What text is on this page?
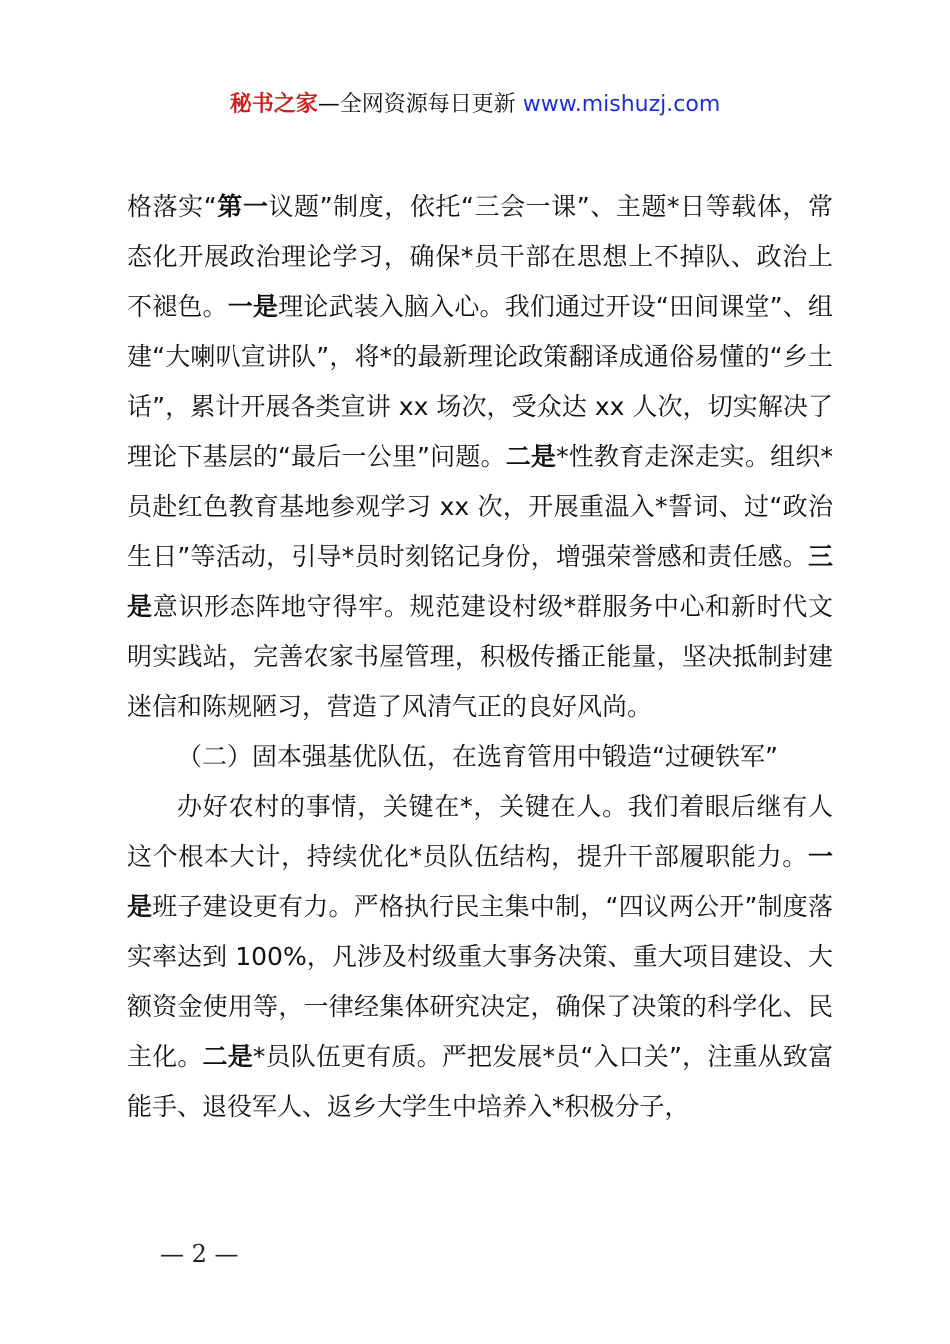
秘书之家—全网资源每日更新 www.mishuzj.com

格落实“第一议题”制度，依托“三会一课”、主题*日等载体，常态化开展政治理论学习，确保*员干部在思想上不掉队、政治上不褪色。一是理论武装入脑入心。我们通过开设“田间课堂”、组建“大喇叭宣讲队”，将*的最新理论政策翻译成通俗易懂的“乡土话”，累计开展各类宣讲 xx 场次，受众达 xx 人次，切实解决了理论下基层的“最后一公里”问题。二是*性教育走深走实。组织*员赴红色教育基地参观学习 xx 次，开展重温入*誓词、过“政治生日”等活动，引导*员时刻铭记身份，增强荣誉感和责任感。三是意识形态阵地守得牢。规范建设村级*群服务中心和新时代文明实践站，完善农家书屋管理，积极传播正能量，坚决抵制封建迷信和陈规陋习，营造了风清气正的良好风尚。

（二）固本强基优队伍，在选育管用中锻造“过硬铁军”

办好农村的事情，关键在*，关键在人。我们着眼后继有人这个根本大计，持续优化*员队伍结构，提升干部履职能力。一是班子建设更有力。严格执行民主集中制，“四议两公开”制度落实率达到 100%，凡涉及村级重大事务决策、重大项目建设、大额资金使用等，一律经集体研究决定，确保了决策的科学化、民主化。二是*员队伍更有质。严把发展*员“入口关”，注重从致富能手、退役军人、返乡大学生中培养入*积极分子，

— 2 —
